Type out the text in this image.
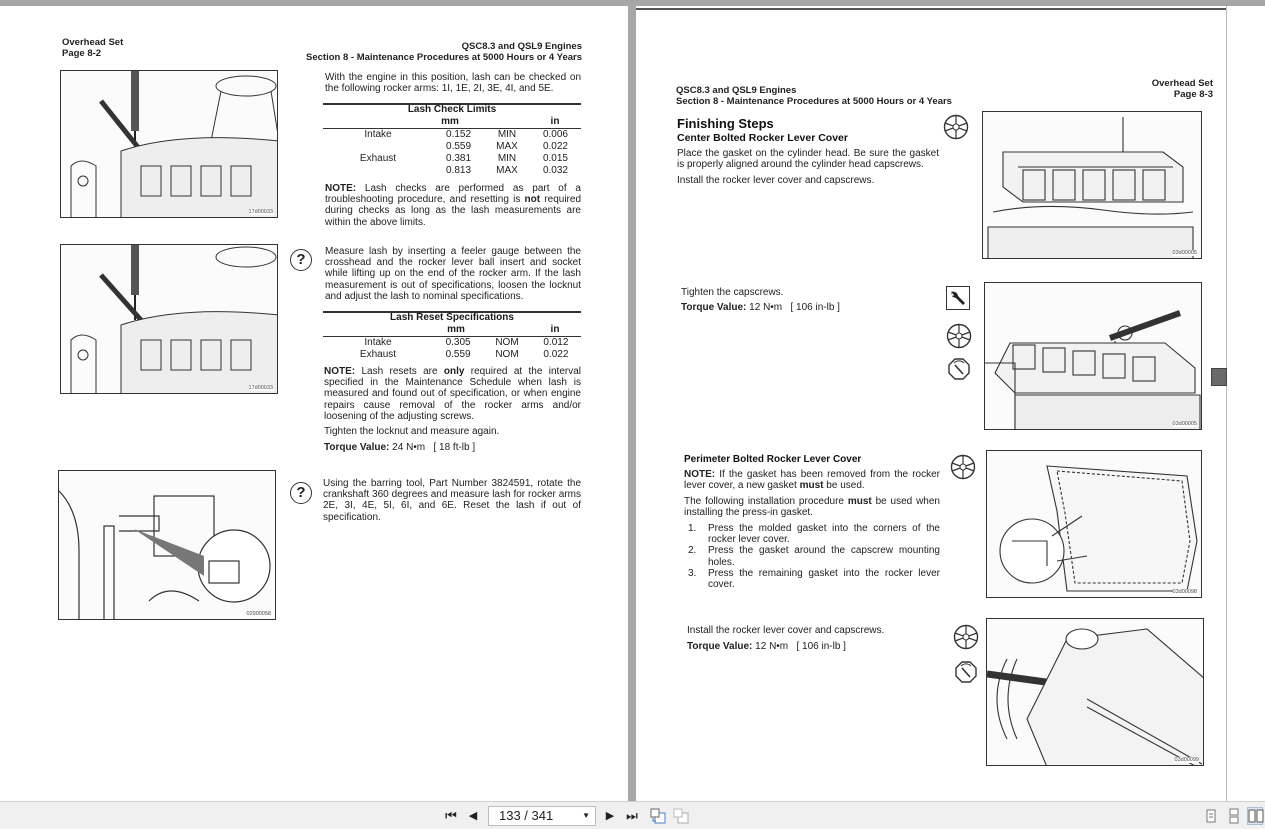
Overhead Set
Page 8-2
QSC8.3 and QSL9 Engines
Section 8 - Maintenance Procedures at 5000 Hours or 4 Years
17d00033
With the engine in this position, lash can be checked on the following rocker arms: 1I, 1E, 2I, 3E, 4I, and 5E.
Lash Check Limits
mm	in
Intake	0.152	MIN	0.006
	0.559	MAX	0.022
Exhaust	0.381	MIN	0.015
	0.813	MAX	0.032
NOTE: Lash checks are performed as part of a troubleshooting procedure, and resetting is not required during checks as long as the lash measurements are within the above limits.
17d00033
?	Measure lash by inserting a feeler gauge between the crosshead and the rocker lever ball insert and socket while lifting up on the end of the rocker arm. If the lash measurement is out of specifications, loosen the locknut and adjust the lash to nominal specifications.
Lash Reset Specifications
mm	in
Intake	0.305	NOM	0.012
Exhaust	0.559	NOM	0.022
NOTE: Lash resets are only required at the interval specified in the Maintenance Schedule when lash is measured and found out of specification, or when engine repairs cause removal of the rocker arms and/or loosening of the adjusting screws.
Tighten the locknut and measure again.
Torque Value: 24 N•m   [ 18 ft-lb ]
02900058
?
Using the barring tool, Part Number 3824591, rotate the crankshaft 360 degrees and measure lash for rocker arms 2E, 3I, 4E, 5I, 6I, and 6E. Reset the lash if out of specification.
QSC8.3 and QSL9 Engines
Section 8 - Maintenance Procedures at 5000 Hours or 4 Years
Overhead Set
Page 8-3
Finishing Steps
Center Bolted Rocker Lever Cover
Place the gasket on the cylinder head. Be sure the gasket is properly aligned around the cylinder head capscrews.
Install the rocker lever cover and capscrews.
03d00005
Tighten the capscrews.
Torque Value: 12 N•m   [ 106 in-lb ]
03d00005
Perimeter Bolted Rocker Lever Cover
NOTE: If the gasket has been removed from the rocker lever cover, a new gasket must be used.
The following installation procedure must be used when installing the press-in gasket.
1.	Press the molded gasket into the corners of the rocker lever cover.
2.	Press the gasket around the capscrew mounting holes.
3.	Press the remaining gasket into the rocker lever cover.
03d00098
Install the rocker lever cover and capscrews.
Torque Value: 12 N•m   [ 106 in-lb ]
03d00099
⏮ ◀	133 / 341	▼ ▶ ⏭
